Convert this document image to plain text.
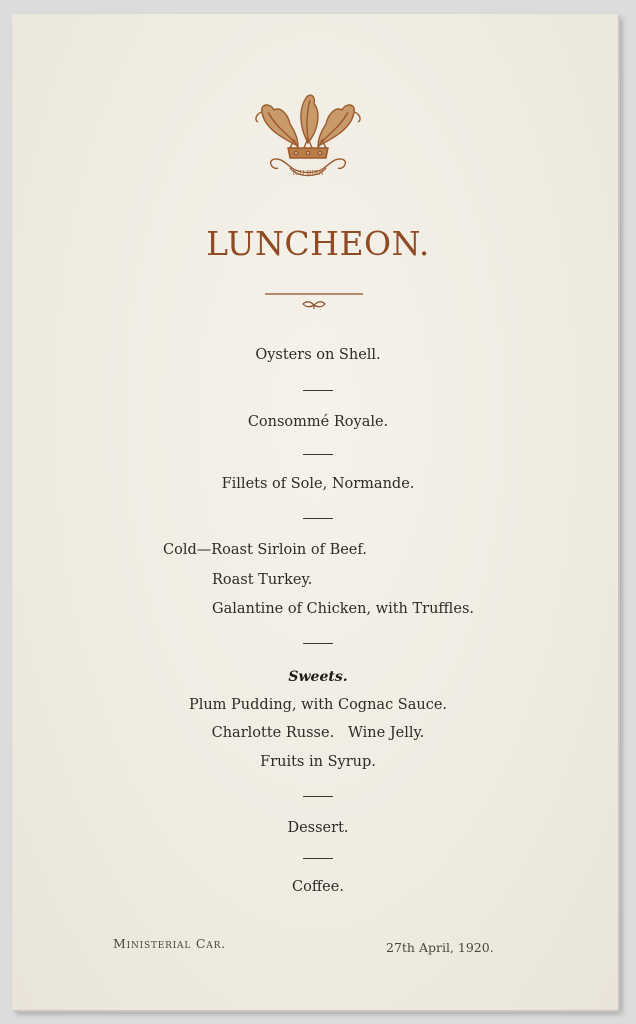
ICH DIEN
LUNCHEON.
Oysters on Shell.
Consommé Royale.
Fillets of Sole, Normande.
Cold—Roast Sirloin of Beef.
Roast Turkey.
Galantine of Chicken, with Truffles.
Sweets.
Plum Pudding, with Cognac Sauce.
Charlotte Russe.   Wine Jelly.
Fruits in Syrup.
Dessert.
Coffee.
Ministerial Car.	27th April, 1920.
